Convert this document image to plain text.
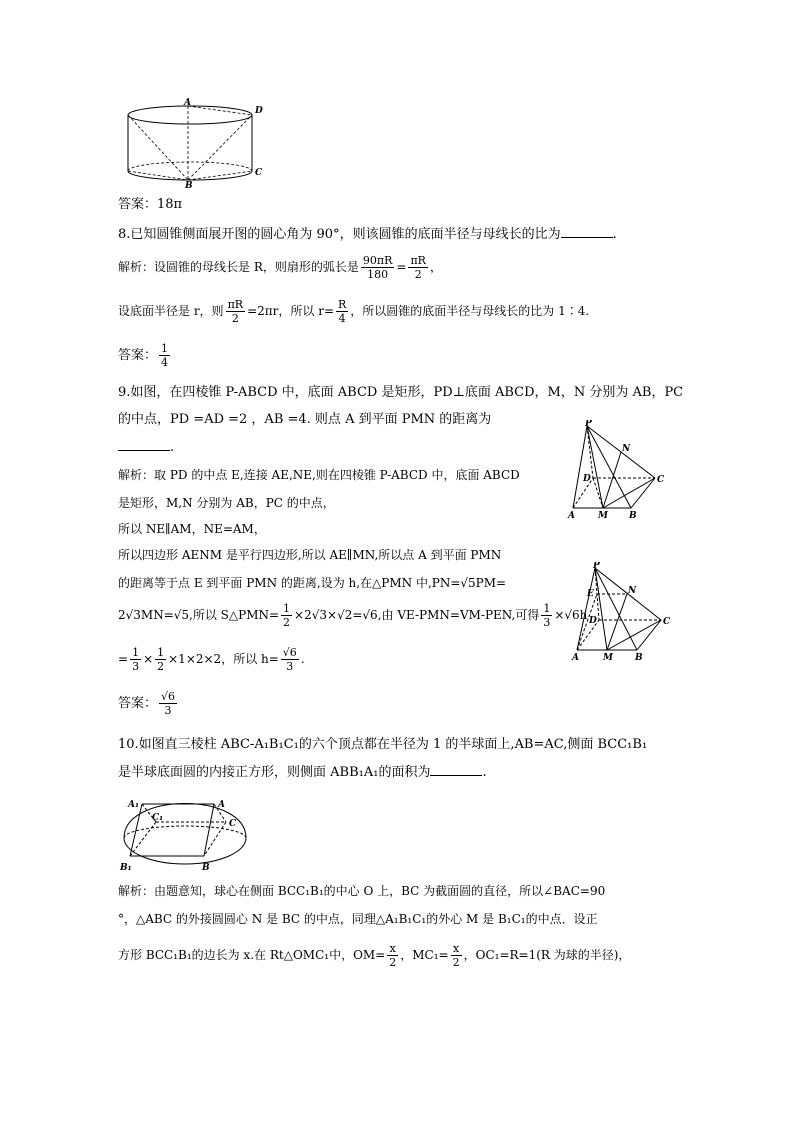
A
D
C
B
答案：18π
8.已知圆锥侧面展开图的圆心角为 90°，则该圆锥的底面半径与母线长的比为	.
解析：设圆锥的母线长是 R，则扇形的弧长是 $\frac{90\pi R}{180} = \frac{\pi R}{2}$ ，
设底面半径是 r，则 $\frac{\pi R}{2} =2\pi r$，所以 $r= \frac{R}{4}$ ，所以圆锥的底面半径与母线长的比为 1∶4.
答案： $\frac{1}{4}$
9.如图，在四棱锥 P-ABCD 中，底面 ABCD 是矩形，PD⊥底面 ABCD，M，N 分别为 AB，PC
的中点，PD =AD =2 ，AB =4. 则点 A 到平面 PMN 的距离为
.
P
N
D	C
A	M B
解析：取 PD 的中点 E,连接 AE,NE,则在四棱锥 P-ABCD 中，底面 ABCD
是矩形，M,N 分别为 AB，PC 的中点，
所以 NE∥AM，NE=AM，
所以四边形 AENM 是平行四边形,所以 AE∥MN,所以点 A 到平面 PMN
的距离等于点 E 到平面 PMN 的距离,设为 h,在△PMN 中,PN=√5PM=
2√3MN=√5,所以 S△PMN= $\frac{1}{2} \times 2√3\times√2=√6$,由 VE-PMN=VM-PEN,可得 $\frac{1}{3} \times√6h$
= $\frac{1}{3} \times \frac{1}{2} \times 1\times 2\times 2$，所以 $h= \frac{√6}{3}$ .
P
E	N
D	C
A	M B
答案： $\frac{√6}{3}$
10.如图直三棱柱 ABC-A₁B₁C₁的六个顶点都在半径为 1 的半球面上,AB=AC,侧面 BCC₁B₁
是半球底面圆的内接正方形，则侧面 ABB₁A₁的面积为	.
A₁	A
C₁
C
B₁	B
解析：由题意知，球心在侧面 BCC₁B₁的中心 O 上，BC 为截面圆的直径，所以∠BAC=90
°，△ABC 的外接圆圆心 N 是 BC 的中点，同理△A₁B₁C₁的外心 M 是 B₁C₁的中点．设正
方形 BCC₁B₁的边长为 x.在 Rt△OMC₁中，$OM= \frac{x}{2}$ ，$MC_1= \frac{x}{2}$ ，OC₁=R=1(R 为球的半径)，
